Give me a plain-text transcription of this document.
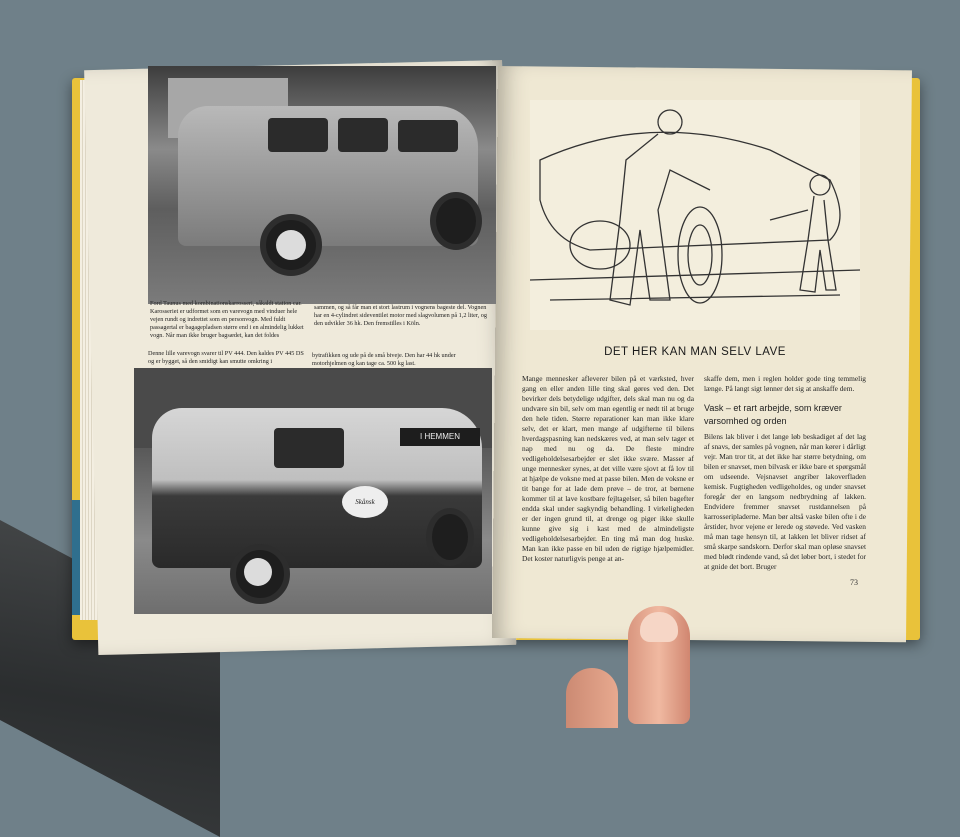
Ford Taunus med kombinationskarrosseri, såkaldt station car. Karosseriet er udformet som en varevogn med vinduer hele vejen rundt og indrettet som en personvogn. Med fuldt passagertal er bagagepladsen større end i en almindelig lukket vogn. Når man ikke bruger bagsædet, kan det foldes
sammen, og så får man et stort lastrum i vognens bageste del. Vognen har en 4-cylindret sideventilet motor med slagvolumen på 1,2 liter, og den udvikler 36 hk. Den fremstilles i Köln.
Denne lille varevogn svarer til PV 444. Den kaldes PV 445 DS og er bygget, så den smidigt kan smutte omkring i
bytrafikken og ude på de små biveje. Den har 44 hk under motorhjelmen og kan tage ca. 500 kg last.
I HEMMEN
Skånsk
DET HER KAN MAN SELV LAVE
Mange mennesker afleverer bilen på et værksted, hver gang en eller anden lille ting skal gøres ved den. Det bevirker dels betydelige udgifter, dels skal man nu og da undvære sin bil, selv om man egentlig er nødt til at bruge den hele tiden. Større reparationer kan man ikke klare selv, det er klart, men mange af udgifterne til bilens hverdagspasning kan nedskæres ved, at man selv tager et nap med nu og da. De fleste mindre vedligeholdelsesarbejder er slet ikke svære. Masser af unge mennesker synes, at det ville være sjovt at få lov til at hjælpe de voksne med at passe bilen. Men de voksne er tit bange for at lade dem prøve – de tror, at børnene kommer til at lave kostbare fejltagelser, så bilen bagefter endda skal under sagkyndig behandling. I virkeligheden er der ingen grund til, at drenge og piger ikke skulle kunne give sig i kast med de almindeligste vedligeholdelsesarbejder. En ting må man dog huske. Man kan ikke passe en bil uden de rigtige hjælpemidler. Det koster naturligvis penge at an-
skaffe dem, men i reglen holder gode ting temmelig længe. På langt sigt lønner det sig at anskaffe dem.
Vask – et rart arbejde, som kræver varsomhed og orden
Bilens lak bliver i det lange løb beskadiget af det lag af snavs, der samles på vognen, når man kører i dårligt vejr. Man tror tit, at det ikke har større betydning, om bilen er snavset, men bilvask er ikke bare et spørgsmål om udseende. Vejsnavset angriber lakoverfladen kemisk. Fugtigheden vedligeholdes, og under snavset foregår der en langsom nedbrydning af lakken. Endvidere fremmer snavset rustdannelsen på karrosseripladerne. Man bør altså vaske bilen ofte i de årstider, hvor vejene er lerede og støvede. Ved vasken må man tage hensyn til, at lakken let bliver ridset af små skarpe sandskorn. Derfor skal man opløse snavset med blødt rindende vand, så det løber bort, i stedet for at gnide det bort. Bruger
73
